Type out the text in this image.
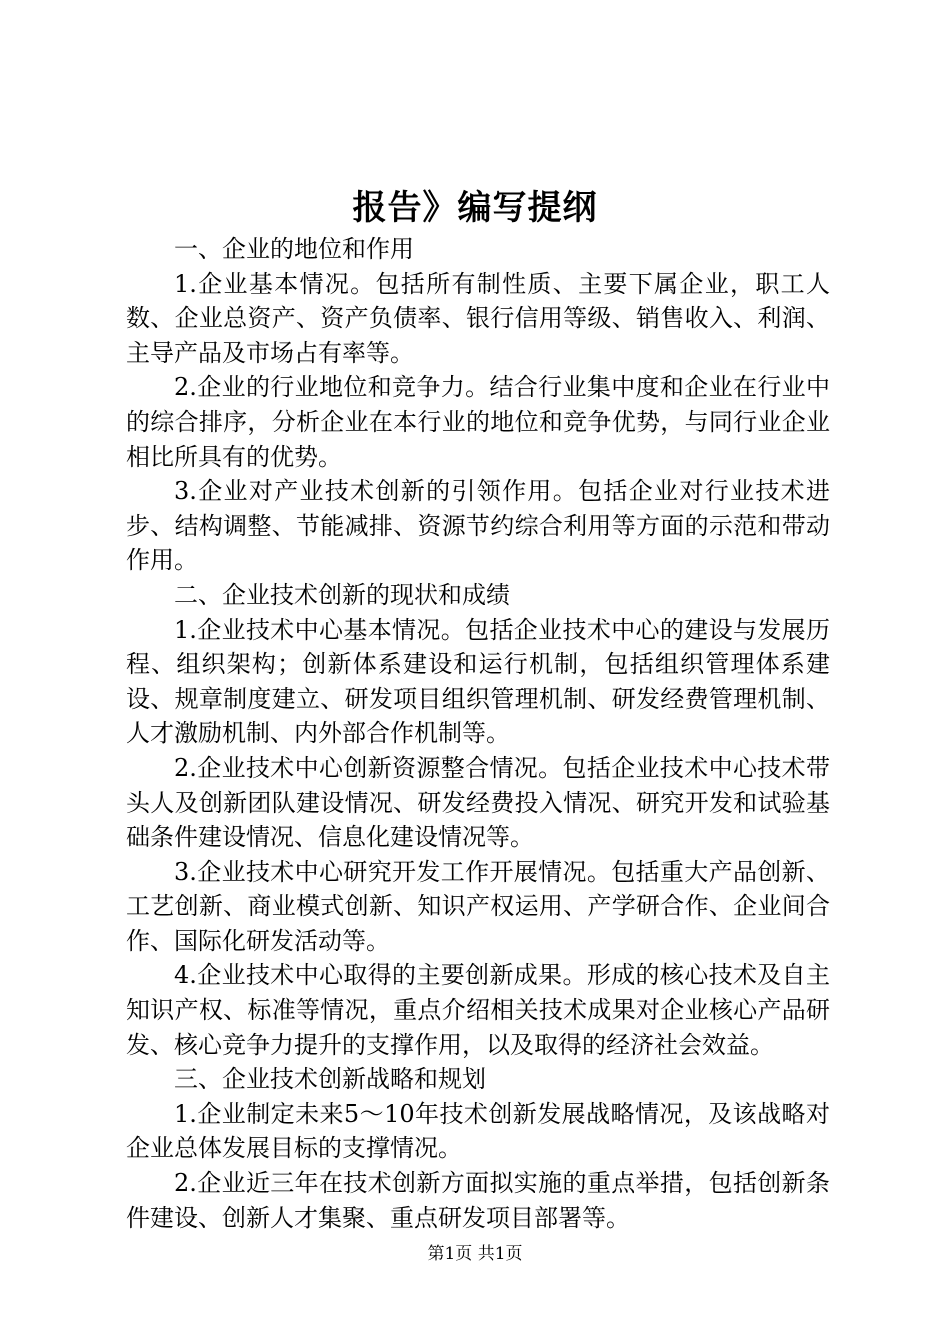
报告》编写提纲

一、企业的地位和作用

1.企业基本情况。包括所有制性质、主要下属企业，职工人数、企业总资产、资产负债率、银行信用等级、销售收入、利润、主导产品及市场占有率等。

2.企业的行业地位和竞争力。结合行业集中度和企业在行业中的综合排序，分析企业在本行业的地位和竞争优势，与同行业企业相比所具有的优势。

3.企业对产业技术创新的引领作用。包括企业对行业技术进步、结构调整、节能减排、资源节约综合利用等方面的示范和带动作用。

二、企业技术创新的现状和成绩

1.企业技术中心基本情况。包括企业技术中心的建设与发展历程、组织架构；创新体系建设和运行机制，包括组织管理体系建设、规章制度建立、研发项目组织管理机制、研发经费管理机制、人才激励机制、内外部合作机制等。

2.企业技术中心创新资源整合情况。包括企业技术中心技术带头人及创新团队建设情况、研发经费投入情况、研究开发和试验基础条件建设情况、信息化建设情况等。

3.企业技术中心研究开发工作开展情况。包括重大产品创新、工艺创新、商业模式创新、知识产权运用、产学研合作、企业间合作、国际化研发活动等。

4.企业技术中心取得的主要创新成果。形成的核心技术及自主知识产权、标准等情况，重点介绍相关技术成果对企业核心产品研发、核心竞争力提升的支撑作用，以及取得的经济社会效益。

三、企业技术创新战略和规划

1.企业制定未来5～10年技术创新发展战略情况，及该战略对企业总体发展目标的支撑情况。

2.企业近三年在技术创新方面拟实施的重点举措，包括创新条件建设、创新人才集聚、重点研发项目部署等。

第1页 共1页
